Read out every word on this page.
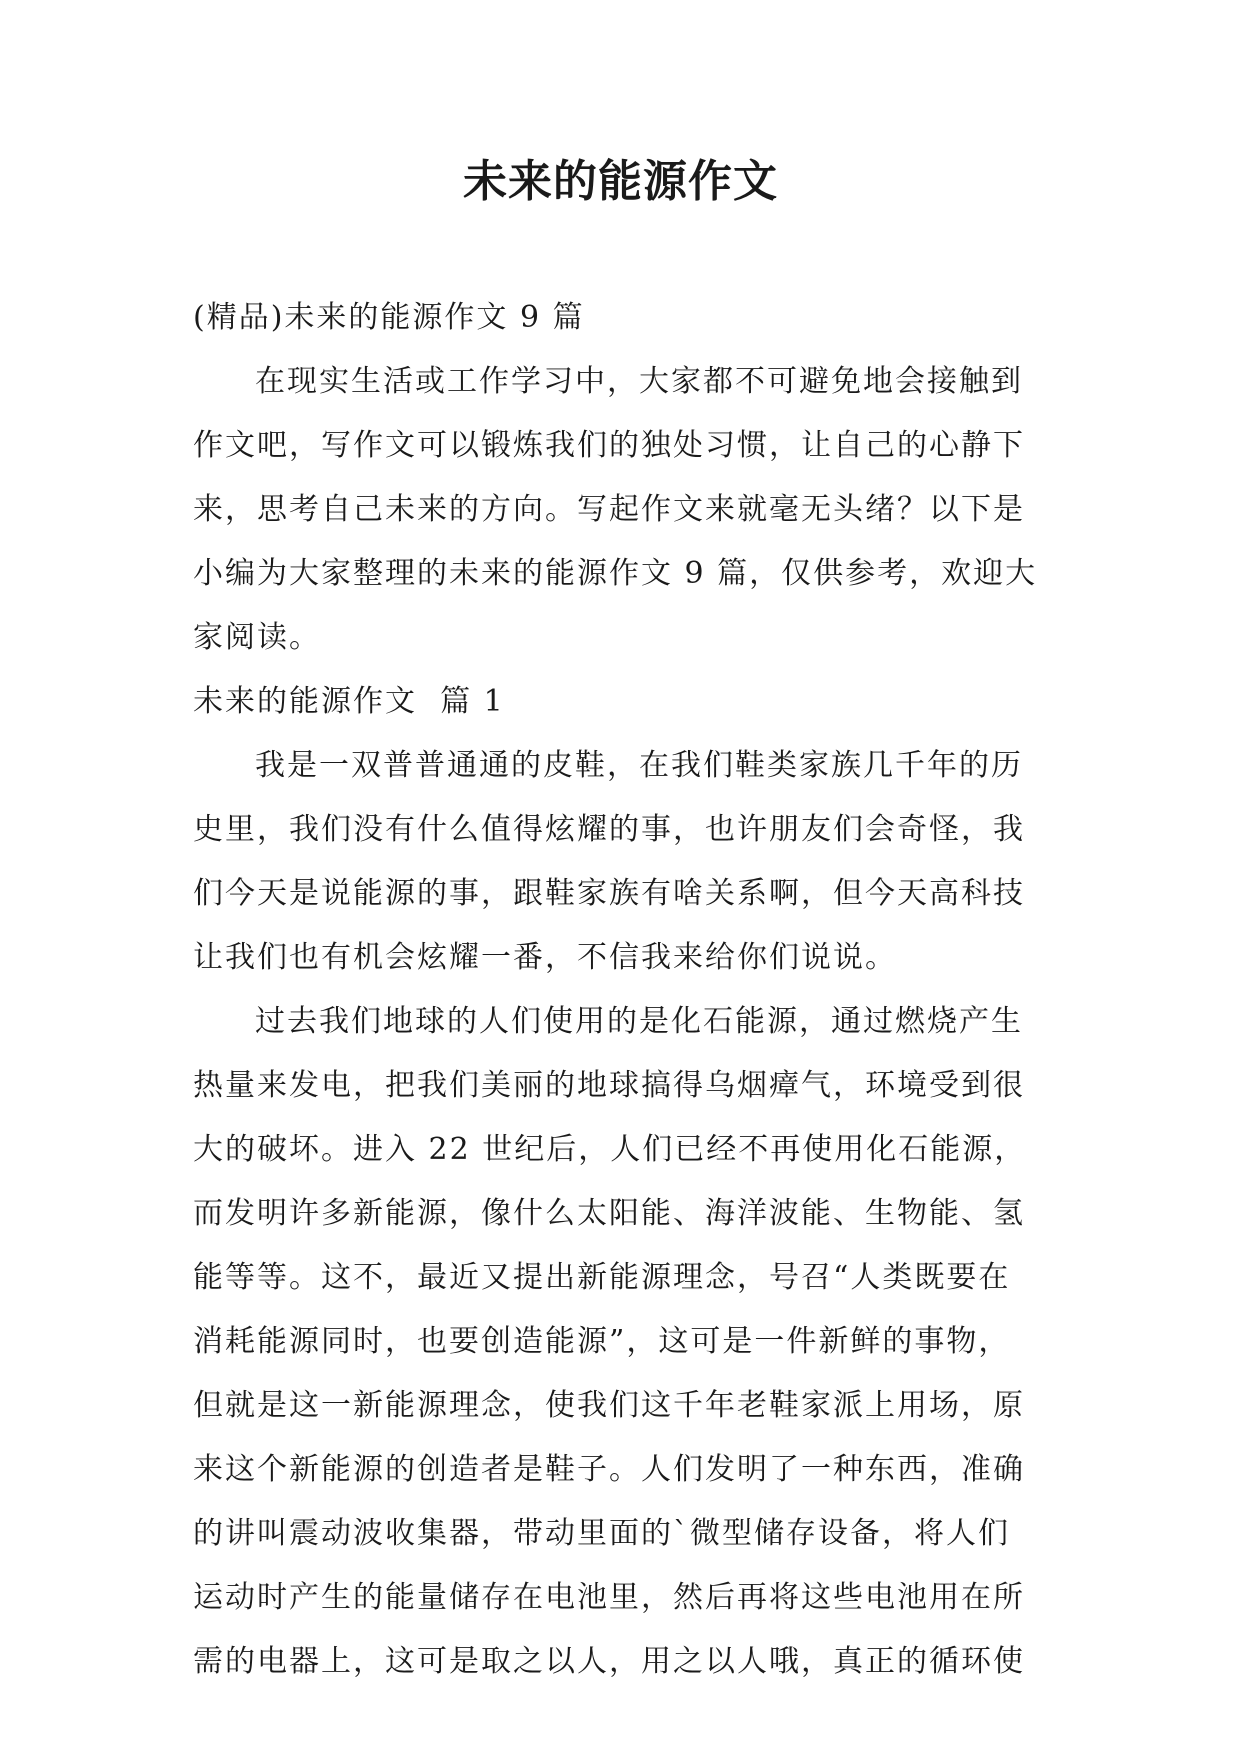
未来的能源作文

(精品)未来的能源作文 9 篇

在现实生活或工作学习中，大家都不可避免地会接触到

作文吧，写作文可以锻炼我们的独处习惯，让自己的心静下

来，思考自己未来的方向。写起作文来就毫无头绪？以下是

小编为大家整理的未来的能源作文 9 篇，仅供参考，欢迎大

家阅读。

未来的能源作文  篇 1

我是一双普普通通的皮鞋，在我们鞋类家族几千年的历

史里，我们没有什么值得炫耀的事，也许朋友们会奇怪，我

们今天是说能源的事，跟鞋家族有啥关系啊，但今天高科技

让我们也有机会炫耀一番，不信我来给你们说说。

过去我们地球的人们使用的是化石能源，通过燃烧产生

热量来发电，把我们美丽的地球搞得乌烟瘴气，环境受到很

大的破坏。进入 22 世纪后，人们已经不再使用化石能源，

而发明许多新能源，像什么太阳能、海洋波能、生物能、氢

能等等。这不，最近又提出新能源理念，号召“人类既要在

消耗能源同时，也要创造能源”，这可是一件新鲜的事物，

但就是这一新能源理念，使我们这千年老鞋家派上用场，原

来这个新能源的创造者是鞋子。人们发明了一种东西，准确

的讲叫震动波收集器，带动里面的`微型储存设备，将人们

运动时产生的能量储存在电池里，然后再将这些电池用在所

需的电器上，这可是取之以人，用之以人哦，真正的循环使
